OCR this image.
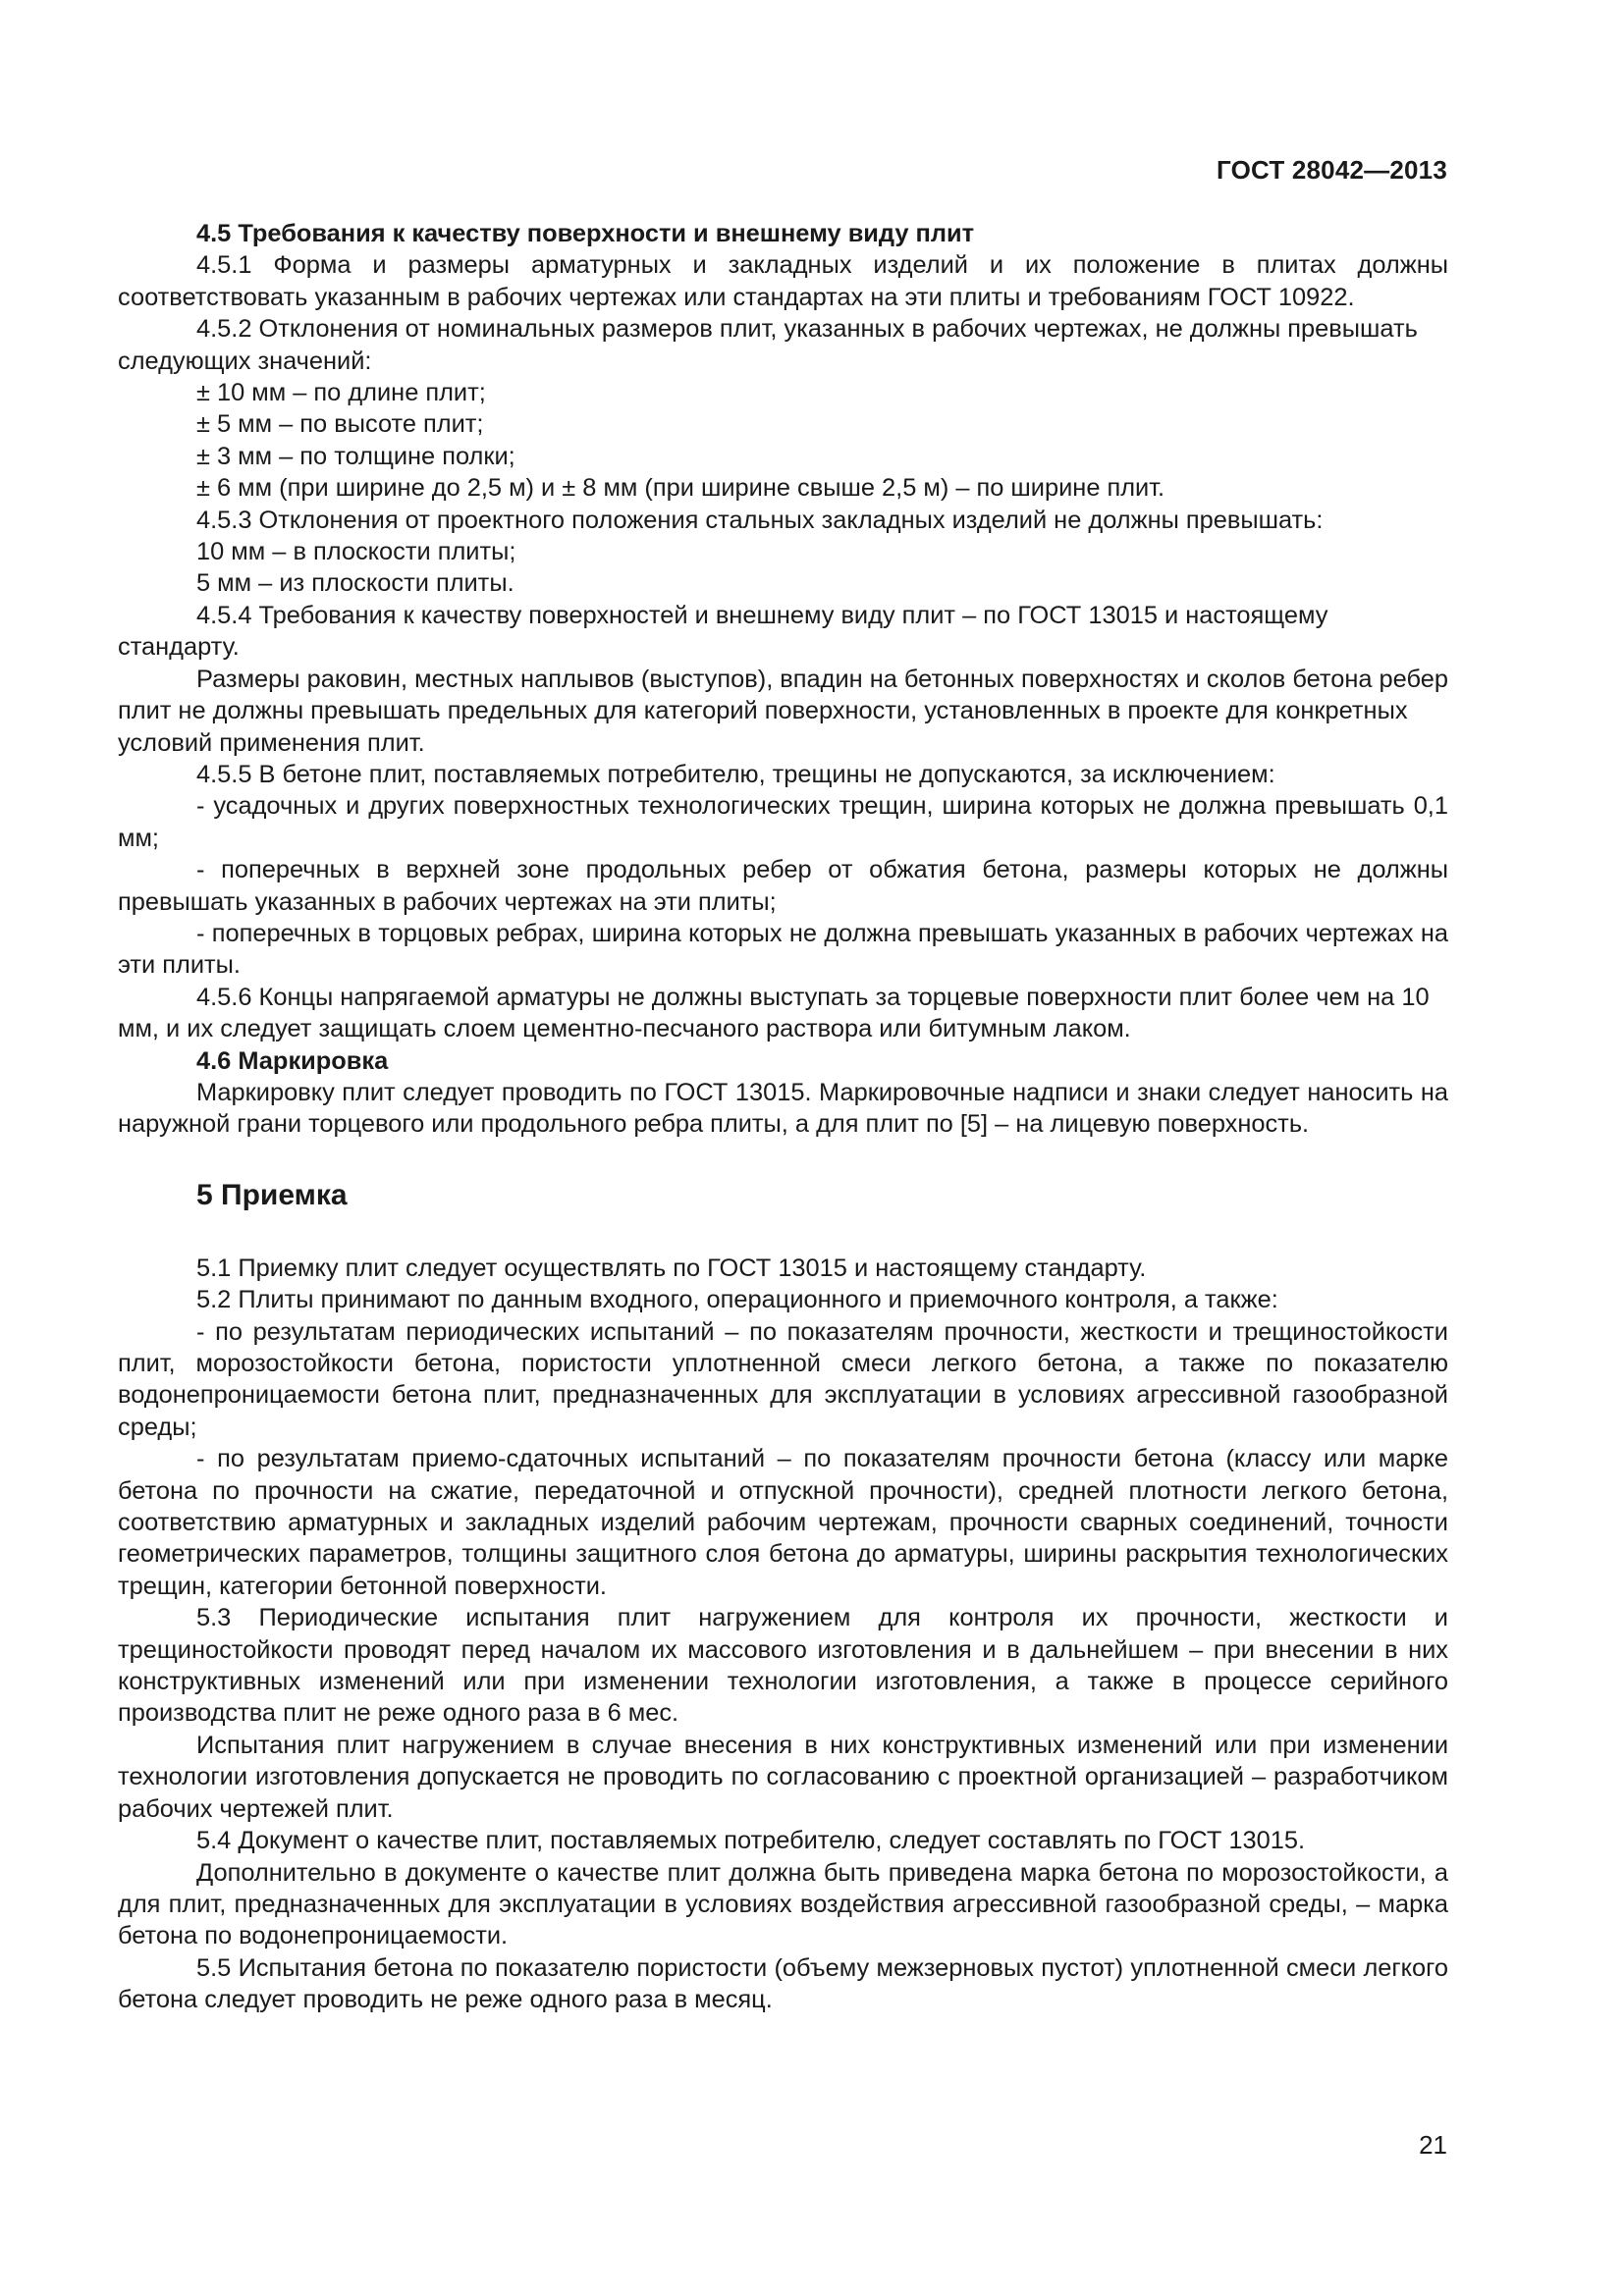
ГОСТ 28042—2013

4.5 Требования к качеству поверхности и внешнему виду плит

4.5.1 Форма и размеры арматурных и закладных изделий и их положение в плитах должны соответствовать указанным в рабочих чертежах или стандартах на эти плиты и требованиям ГОСТ 10922.

4.5.2 Отклонения от номинальных размеров плит, указанных в рабочих чертежах, не должны превышать следующих значений:

± 10 мм – по длине плит;

± 5 мм – по высоте плит;

± 3 мм – по толщине полки;

± 6 мм (при ширине до 2,5 м) и ± 8 мм (при ширине свыше 2,5 м) – по ширине плит.

4.5.3 Отклонения от проектного положения стальных закладных изделий не должны превышать:

10 мм – в плоскости плиты;

5 мм – из плоскости плиты.

4.5.4 Требования к качеству поверхностей и внешнему виду плит – по ГОСТ 13015 и настоящему стандарту.

Размеры раковин, местных наплывов (выступов), впадин на бетонных поверхностях и сколов бетона ребер плит не должны превышать предельных для категорий поверхности, установленных в проекте для конкретных условий применения плит.

4.5.5 В бетоне плит, поставляемых потребителю, трещины не допускаются, за исключением:

- усадочных и других поверхностных технологических трещин, ширина которых не должна превышать 0,1 мм;

- поперечных в верхней зоне продольных ребер от обжатия бетона, размеры которых не должны превышать указанных в рабочих чертежах на эти плиты;

- поперечных в торцовых ребрах, ширина которых не должна превышать указанных в рабочих чертежах на эти плиты.

4.5.6 Концы напрягаемой арматуры не должны выступать за торцевые поверхности плит более чем на 10 мм, и их следует защищать слоем цементно-песчаного раствора или битумным лаком.

4.6 Маркировка

Маркировку плит следует проводить по ГОСТ 13015. Маркировочные надписи и знаки следует наносить на наружной грани торцевого или продольного ребра плиты, а для плит по [5] – на лицевую поверхность.

5 Приемка

5.1 Приемку плит следует осуществлять по ГОСТ 13015 и настоящему стандарту.

5.2 Плиты принимают по данным входного, операционного и приемочного контроля, а также:

- по результатам периодических испытаний – по показателям прочности, жесткости и трещиностойкости плит, морозостойкости бетона, пористости уплотненной смеси легкого бетона, а также по показателю водонепроницаемости бетона плит, предназначенных для эксплуатации в условиях агрессивной газообразной среды;

- по результатам приемо-сдаточных испытаний – по показателям прочности бетона (классу или марке бетона по прочности на сжатие, передаточной и отпускной прочности), средней плотности легкого бетона, соответствию арматурных и закладных изделий рабочим чертежам, прочности сварных соединений, точности геометрических параметров, толщины защитного слоя бетона до арматуры, ширины раскрытия технологических трещин, категории бетонной поверхности.

5.3 Периодические испытания плит нагружением для контроля их прочности, жесткости и трещиностойкости проводят перед началом их массового изготовления и в дальнейшем – при внесении в них конструктивных изменений или при изменении технологии изготовления, а также в процессе серийного производства плит не реже одного раза в 6 мес.

Испытания плит нагружением в случае внесения в них конструктивных изменений или при изменении технологии изготовления допускается не проводить по согласованию с проектной организацией – разработчиком рабочих чертежей плит.

5.4 Документ о качестве плит, поставляемых потребителю, следует составлять по ГОСТ 13015.

Дополнительно в документе о качестве плит должна быть приведена марка бетона по морозостойкости, а для плит, предназначенных для эксплуатации в условиях воздействия агрессивной газообразной среды, – марка бетона по водонепроницаемости.

5.5 Испытания бетона по показателю пористости (объему межзерновых пустот) уплотненной смеси легкого бетона следует проводить не реже одного раза в месяц.

21
